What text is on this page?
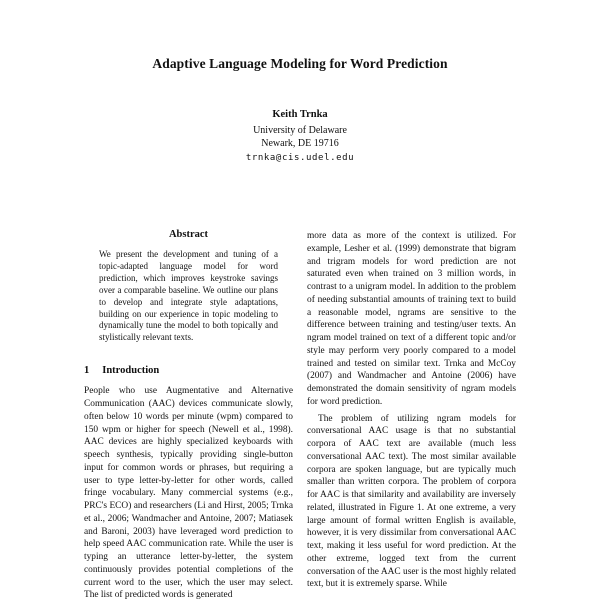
Adaptive Language Modeling for Word Prediction
Keith Trnka
University of Delaware
Newark, DE 19716
trnka@cis.udel.edu
Abstract

We present the development and tuning of a topic-adapted language model for word prediction, which improves keystroke savings over a comparable baseline. We outline our plans to develop and integrate style adaptations, building on our experience in topic modeling to dynamically tune the model to both topically and stylistically relevant texts.

1 Introduction

People who use Augmentative and Alternative Communication (AAC) devices communicate slowly, often below 10 words per minute (wpm) compared to 150 wpm or higher for speech (Newell et al., 1998). AAC devices are highly specialized keyboards with speech synthesis, typically providing single-button input for common words or phrases, but requiring a user to type letter-by-letter for other words, called fringe vocabulary. Many commercial systems (e.g., PRC's ECO) and researchers (Li and Hirst, 2005; Trnka et al., 2006; Wandmacher and Antoine, 2007; Matiasek and Baroni, 2003) have leveraged word prediction to help speed AAC communication rate. While the user is typing an utterance letter-by-letter, the system continuously provides potential completions of the current word to the user, which the user may select. The list of predicted words is generated

more data as more of the context is utilized. For example, Lesher et al. (1999) demonstrate that bigram and trigram models for word prediction are not saturated even when trained on 3 million words, in contrast to a unigram model. In addition to the problem of needing substantial amounts of training text to build a reasonable model, ngrams are sensitive to the difference between training and testing/user texts. An ngram model trained on text of a different topic and/or style may perform very poorly compared to a model trained and tested on similar text. Trnka and McCoy (2007) and Wandmacher and Antoine (2006) have demonstrated the domain sensitivity of ngram models for word prediction.

The problem of utilizing ngram models for conversational AAC usage is that no substantial corpora of AAC text are available (much less conversational AAC text). The most similar available corpora are spoken language, but are typically much smaller than written corpora. The problem of corpora for AAC is that similarity and availability are inversely related, illustrated in Figure 1. At one extreme, a very large amount of formal written English is available, however, it is very dissimilar from conversational AAC text, making it less useful for word prediction. At the other extreme, logged text from the current conversation of the AAC user is the most highly related text, but it is extremely sparse. While
